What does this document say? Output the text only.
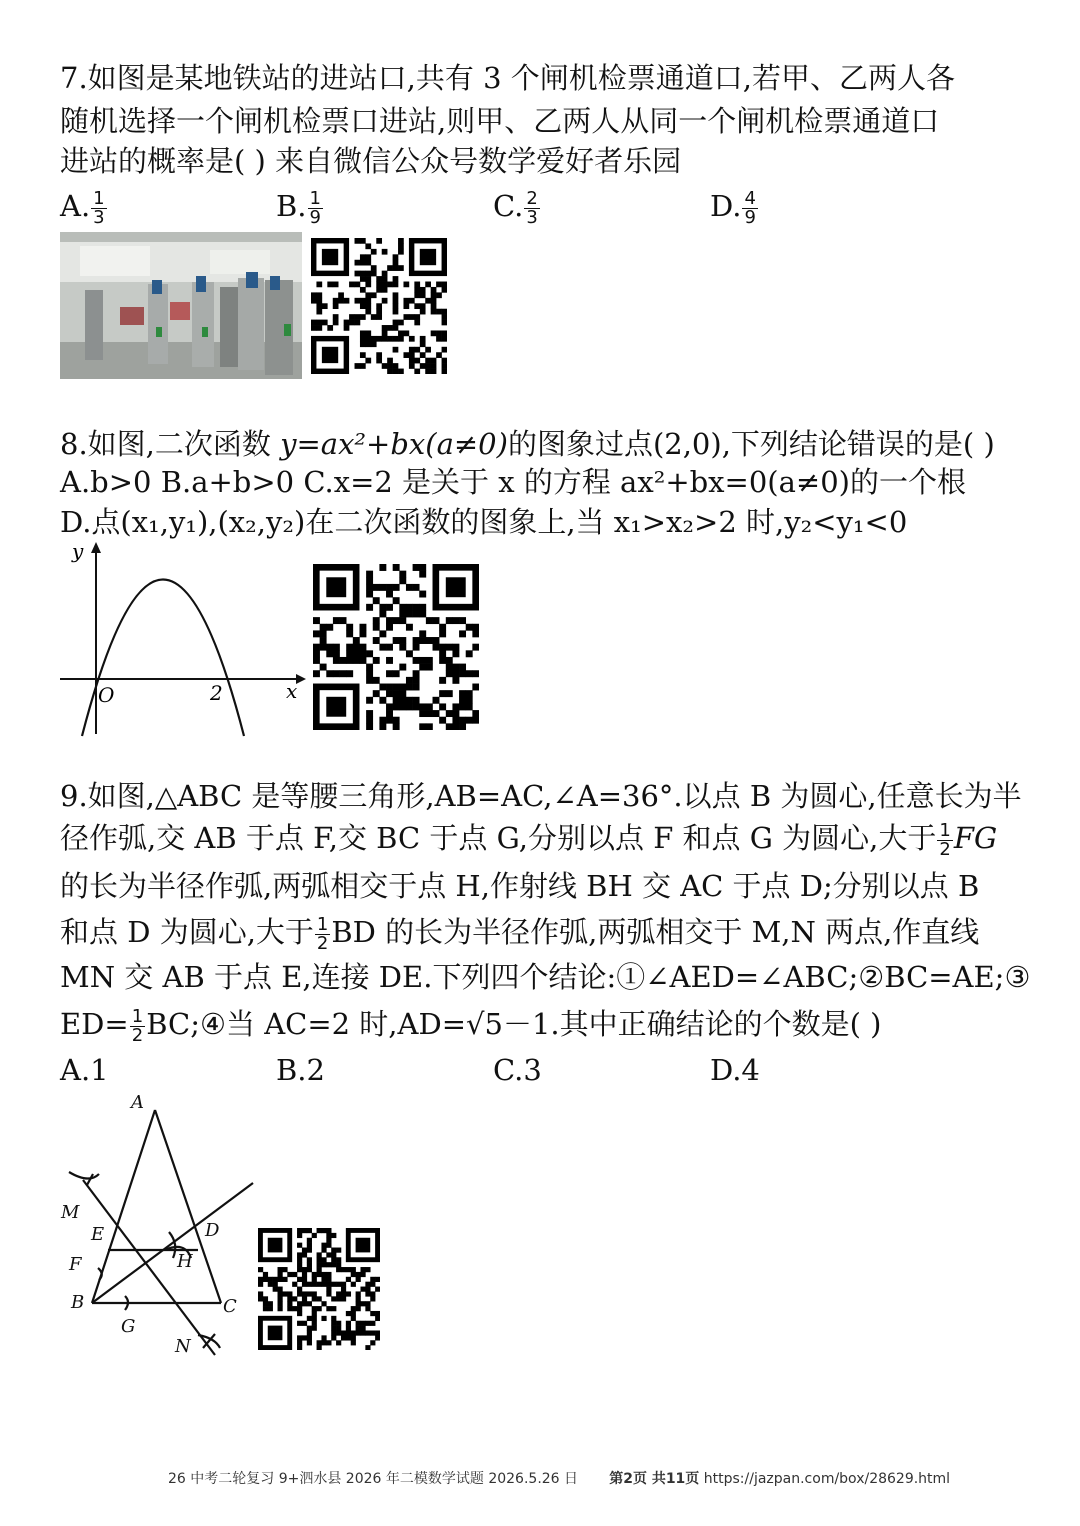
7.如图是某地铁站的进站口,共有 3 个闸机检票通道口,若甲、乙两人各
随机选择一个闸机检票口进站,则甲、乙两人从同一个闸机检票通道口
进站的概率是( ) 来自微信公众号数学爱好者乐园
A. $\frac{1}{3}$	B. $\frac{1}{9}$	C. $\frac{2}{3}$	D. $\frac{4}{9}$
8.如图,二次函数 y=ax²+bx(a≠0)的图象过点(2,0),下列结论错误的是( )
A.b>0 B.a+b>0 C.x=2 是关于 x 的方程 ax²+bx=0(a≠0)的一个根
D.点(x₁,y₁),(x₂,y₂)在二次函数的图象上,当 x₁>x₂>2 时,y₂<y₁<0
y
x
O	2
9.如图,△ABC 是等腰三角形,AB=AC,∠A=36°.以点 B 为圆心,任意长为半
径作弧,交 AB 于点 F,交 BC 于点 G,分别以点 F 和点 G 为圆心,大于 $\frac{1}{2}$ FG
的长为半径作弧,两弧相交于点 H,作射线 BH 交 AC 于点 D;分别以点 B
和点 D 为圆心,大于 $\frac{1}{2}$ BD 的长为半径作弧,两弧相交于 M,N 两点,作直线
MN 交 AB 于点 E,连接 DE.下列四个结论:①∠AED=∠ABC;②BC=AE;③
$ED= \frac{1}{2}$ BC;④当 AC=2 时,AD=√5－1.其中正确结论的个数是( )
A.1	B.2	C.3	D.4
A
B	C
D
E
F
G
H
M
N
26 中考二轮复习 9+泗水县 2026 年二模数学试题 2026.5.26 日 第2页 共11页 https://jazpan.com/box/28629.html
